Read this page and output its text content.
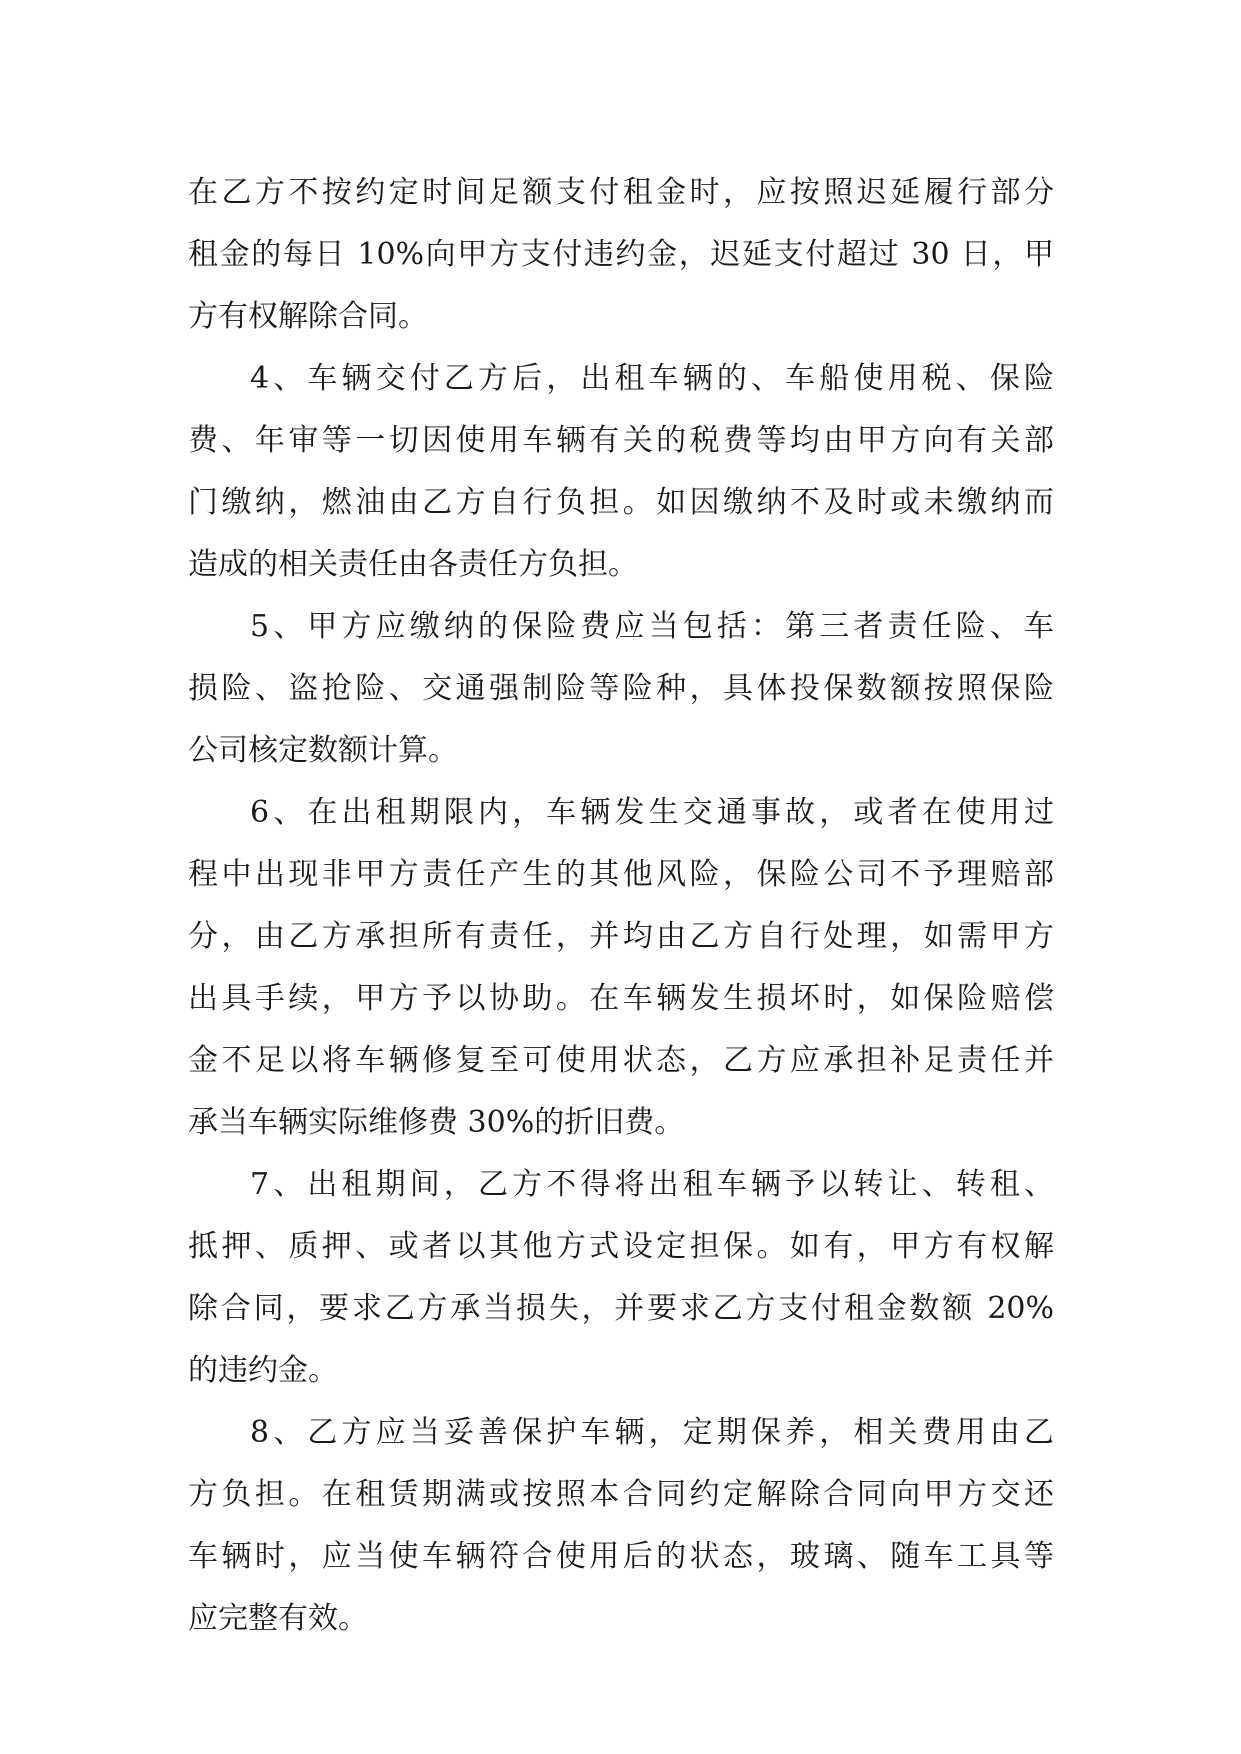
在乙方不按约定时间足额支付租金时，应按照迟延履行部分
租金的每日 10%向甲方支付违约金，迟延支付超过 30 日，甲
方有权解除合同。
4、车辆交付乙方后，出租车辆的、车船使用税、保险
费、年审等一切因使用车辆有关的税费等均由甲方向有关部
门缴纳，燃油由乙方自行负担。如因缴纳不及时或未缴纳而
造成的相关责任由各责任方负担。
5、甲方应缴纳的保险费应当包括：第三者责任险、车
损险、盗抢险、交通强制险等险种，具体投保数额按照保险
公司核定数额计算。
6、在出租期限内，车辆发生交通事故，或者在使用过
程中出现非甲方责任产生的其他风险，保险公司不予理赔部
分，由乙方承担所有责任，并均由乙方自行处理，如需甲方
出具手续，甲方予以协助。在车辆发生损坏时，如保险赔偿
金不足以将车辆修复至可使用状态，乙方应承担补足责任并
承当车辆实际维修费 30%的折旧费。
7、出租期间，乙方不得将出租车辆予以转让、转租、
抵押、质押、或者以其他方式设定担保。如有，甲方有权解
除合同，要求乙方承当损失，并要求乙方支付租金数额 20%
的违约金。
8、乙方应当妥善保护车辆，定期保养，相关费用由乙
方负担。在租赁期满或按照本合同约定解除合同向甲方交还
车辆时，应当使车辆符合使用后的状态，玻璃、随车工具等
应完整有效。
